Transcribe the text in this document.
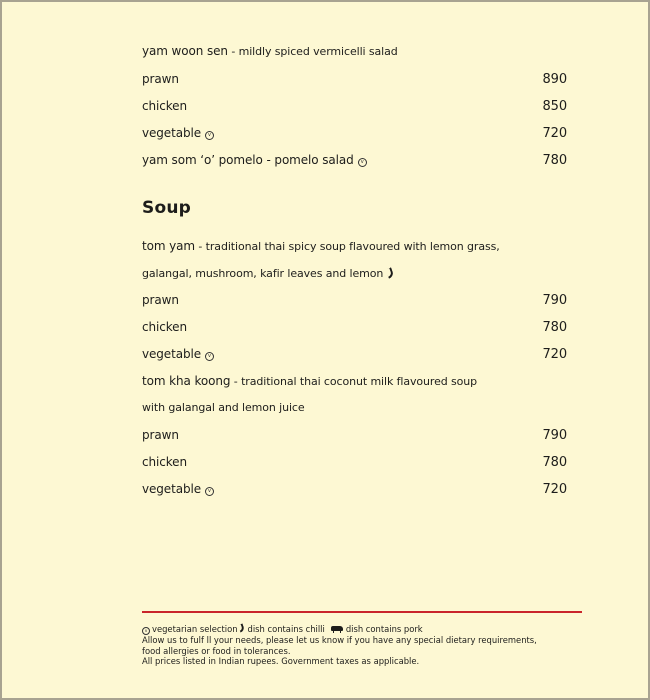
yam woon sen - mildly spiced vermicelli salad
prawn	890
chicken	850
vegetable v	720
yam som ‘o’ pomelo - pomelo salad v	780
Soup
tom yam - traditional thai spicy soup flavoured with lemon grass,
galangal, mushroom, kafir leaves and lemon
prawn	790
chicken	780
vegetable v	720
tom kha koong - traditional thai coconut milk flavoured soup
with galangal and lemon juice
prawn	790
chicken	780
vegetable v	720
v vegetarian selection dish contains chilli	dish contains pork
Allow us to fulf ll your needs, please let us know if you have any special dietary requirements,
food allergies or food in tolerances.
All prices listed in Indian rupees. Government taxes as applicable.
